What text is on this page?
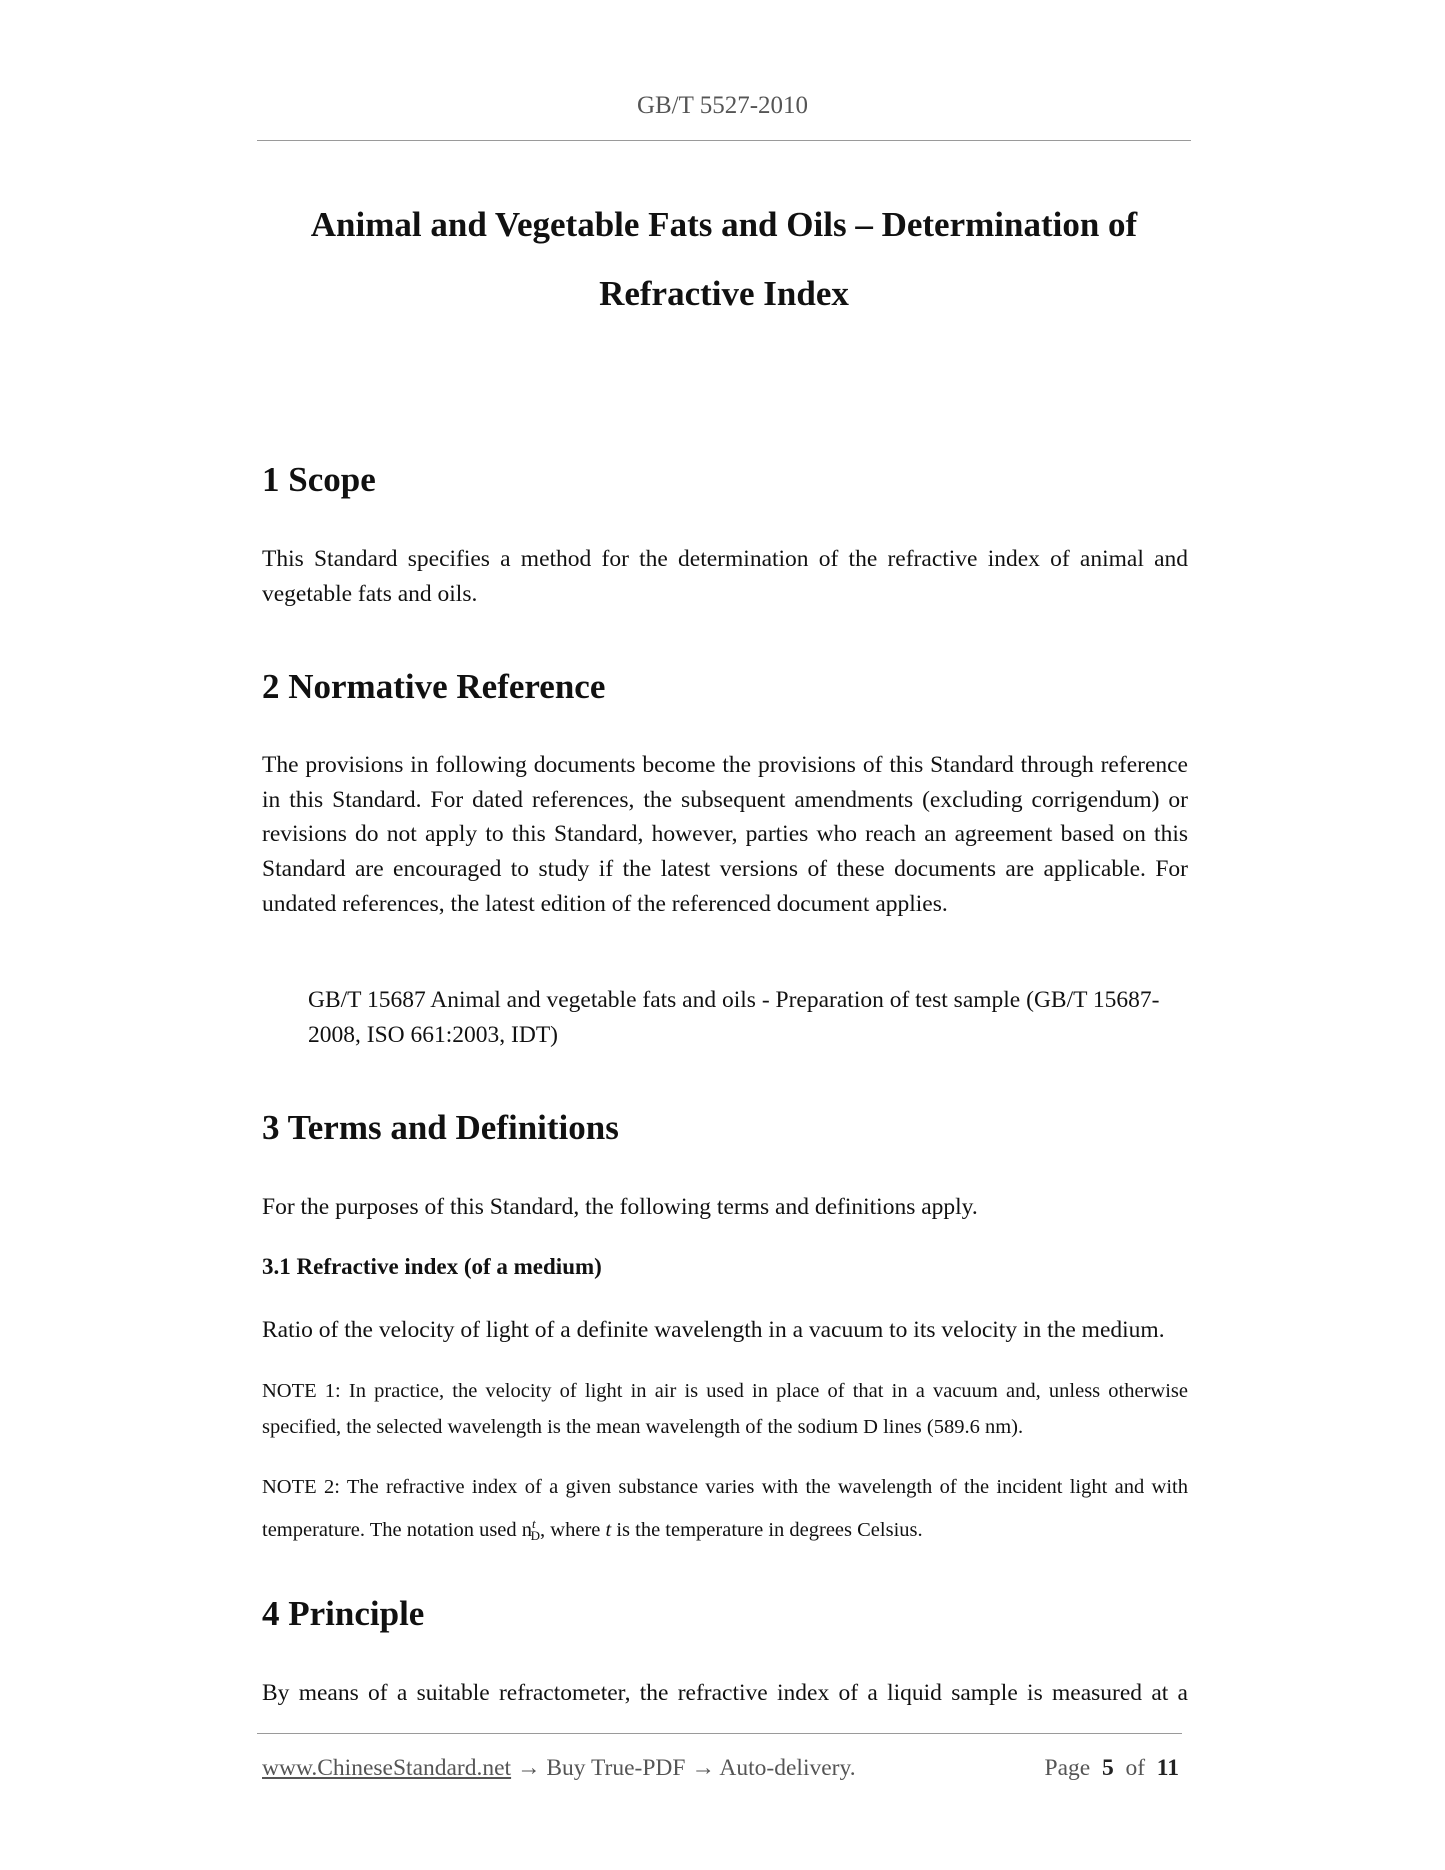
GB/T 5527-2010
Animal and Vegetable Fats and Oils – Determination of
Refractive Index
1 Scope

This Standard specifies a method for the determination of the refractive index of animal and vegetable fats and oils.

2 Normative Reference

The provisions in following documents become the provisions of this Standard through reference in this Standard. For dated references, the subsequent amendments (excluding corrigendum) or revisions do not apply to this Standard, however, parties who reach an agreement based on this Standard are encouraged to study if the latest versions of these documents are applicable. For undated references, the latest edition of the referenced document applies.

GB/T 15687 Animal and vegetable fats and oils - Preparation of test sample (GB/T 15687-2008, ISO 661:2003, IDT)

3 Terms and Definitions

For the purposes of this Standard, the following terms and definitions apply.

3.1 Refractive index (of a medium)

Ratio of the velocity of light of a definite wavelength in a vacuum to its velocity in the medium.

NOTE 1: In practice, the velocity of light in air is used in place of that in a vacuum and, unless otherwise specified, the selected wavelength is the mean wavelength of the sodium D lines (589.6 nm).

NOTE 2: The refractive index of a given substance varies with the wavelength of the incident light and with temperature. The notation used $n^t_D$, where t is the temperature in degrees Celsius.

4 Principle

By means of a suitable refractometer, the refractive index of a liquid sample is measured at a

www.ChineseStandard.net → Buy True-PDF → Auto-delivery.	Page 5 of 11
